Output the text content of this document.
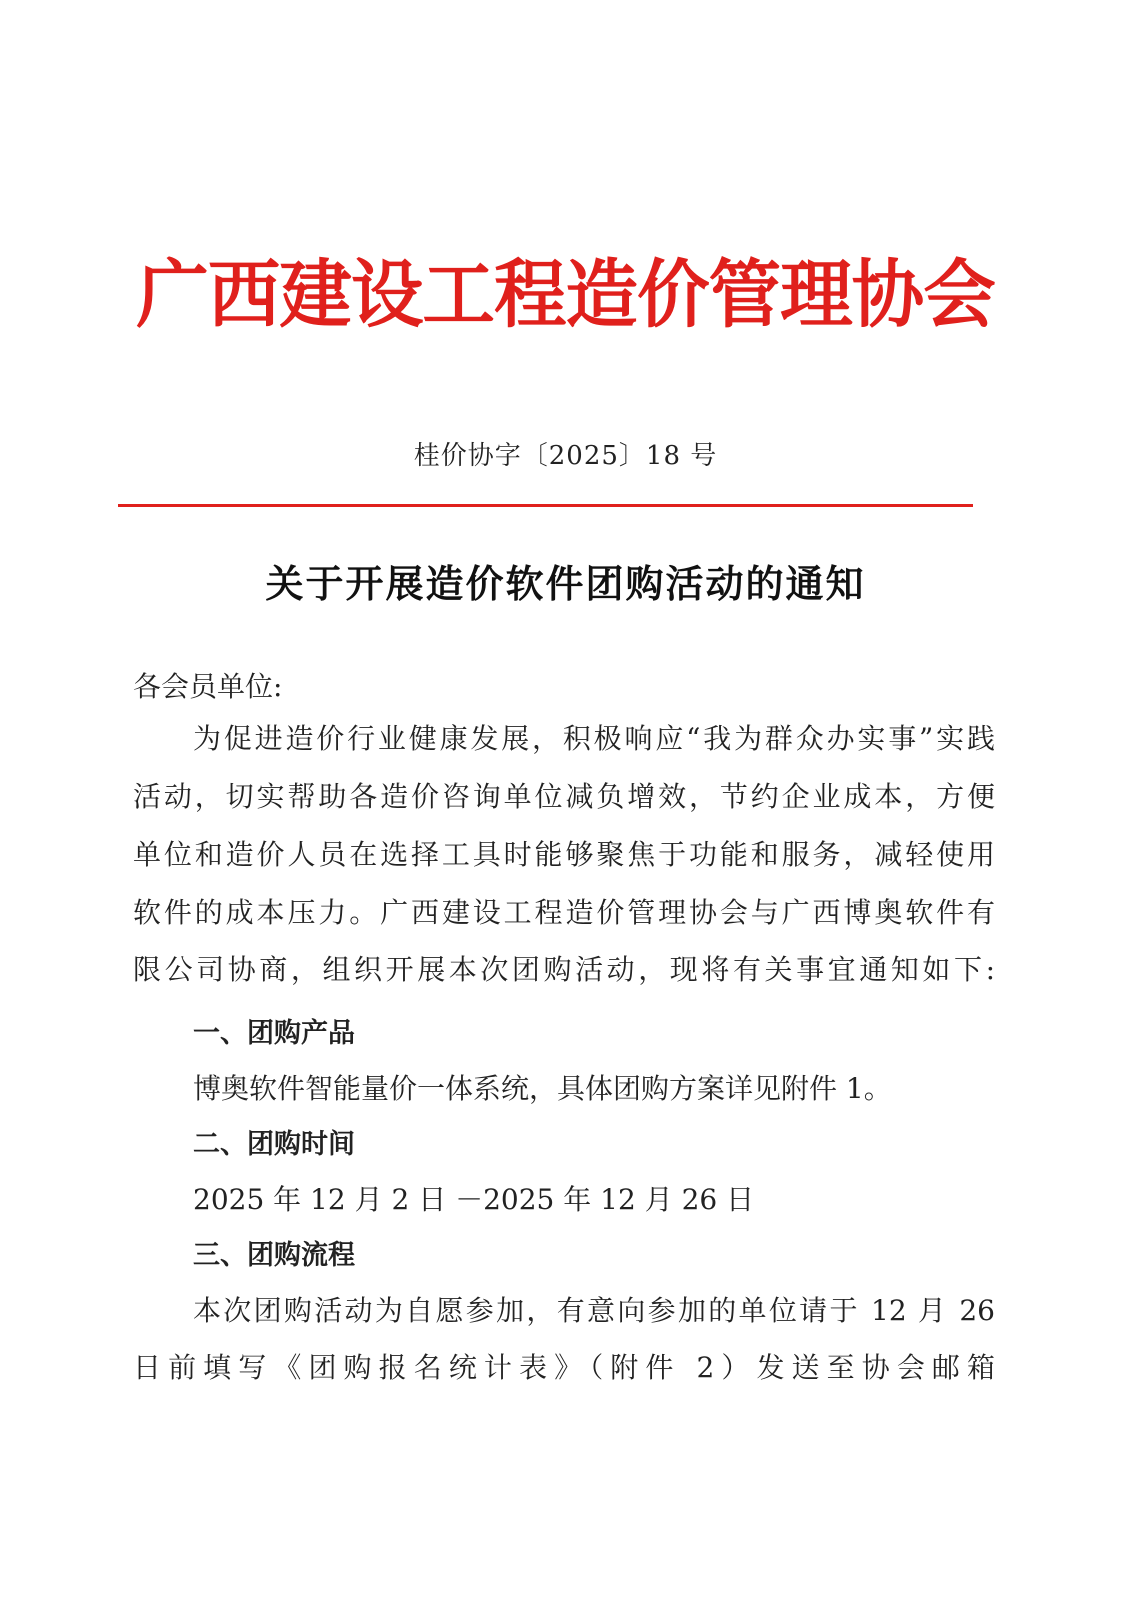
广西建设工程造价管理协会
桂价协字〔2025〕18 号
关于开展造价软件团购活动的通知
各会员单位:
为促进造价行业健康发展，积极响应“我为群众办实事”实践
活动，切实帮助各造价咨询单位减负增效，节约企业成本，方便
单位和造价人员在选择工具时能够聚焦于功能和服务，减轻使用
软件的成本压力。广西建设工程造价管理协会与广西博奥软件有
限公司协商，组织开展本次团购活动，现将有关事宜通知如下:
一、团购产品
博奥软件智能量价一体系统，具体团购方案详见附件 1。
二、团购时间
2025 年 12 月 2 日 －2025 年 12 月 26 日
三、团购流程
本次团购活动为自愿参加，有意向参加的单位请于 12 月 26
日前填写《团购报名统计表》（附件 2）发送至协会邮箱
